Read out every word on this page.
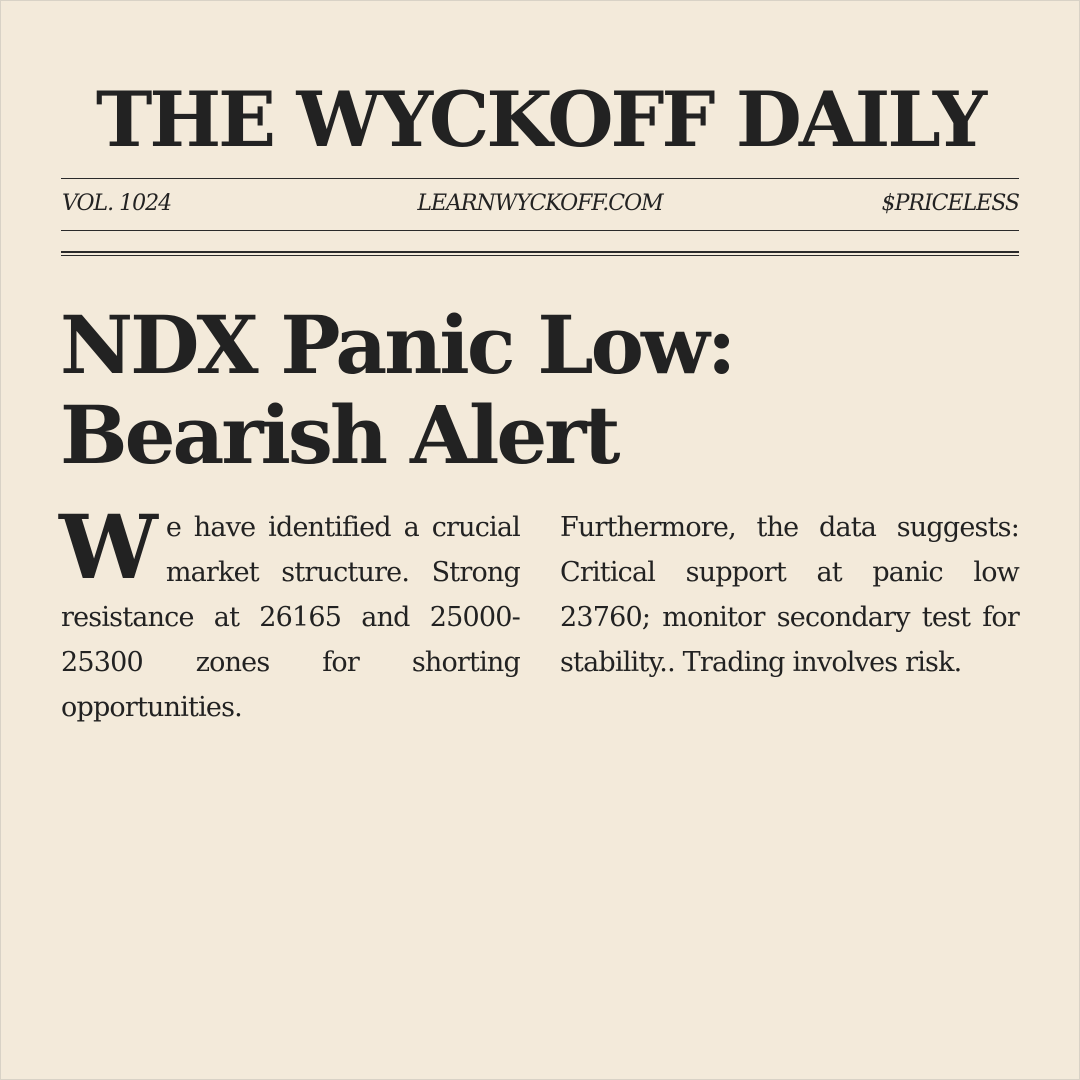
THE WYCKOFF DAILY
VOL. 1024	LEARNWYCKOFF.COM	$PRICELESS
NDX Panic Low:
Bearish Alert

We have identified a crucial market structure. Strong resistance at 26165 and 25000-25300 zones for shorting opportunities.

Furthermore, the data suggests: Critical support at panic low 23760; monitor secondary test for stability.. Trading involves risk.
